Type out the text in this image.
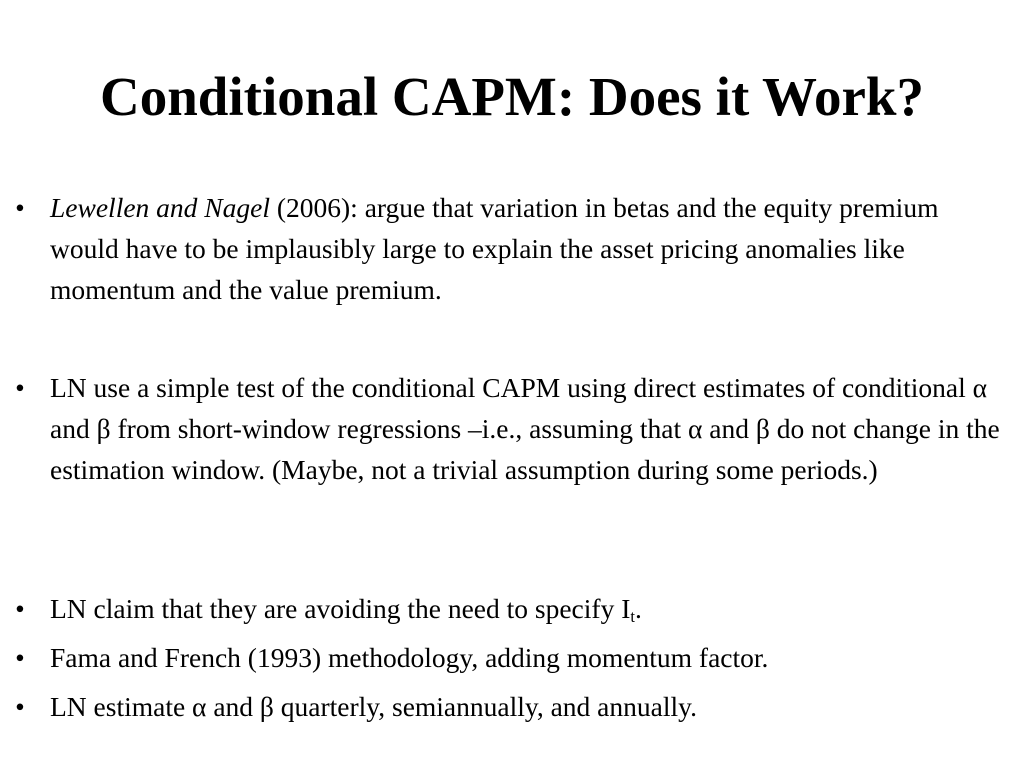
Conditional CAPM: Does it Work?
• Lewellen and Nagel (2006): argue that variation in betas and the equity premium would have to be implausibly large to explain the asset pricing anomalies like momentum and the value premium.
• LN use a simple test of the conditional CAPM using direct estimates of conditional α and β from short-window regressions –i.e., assuming that α and β do not change in the estimation window. (Maybe, not a trivial assumption during some periods.)
• LN claim that they are avoiding the need to specify $I_t$.
• Fama and French (1993) methodology, adding momentum factor.
• LN estimate α and β quarterly, semiannually, and annually.
